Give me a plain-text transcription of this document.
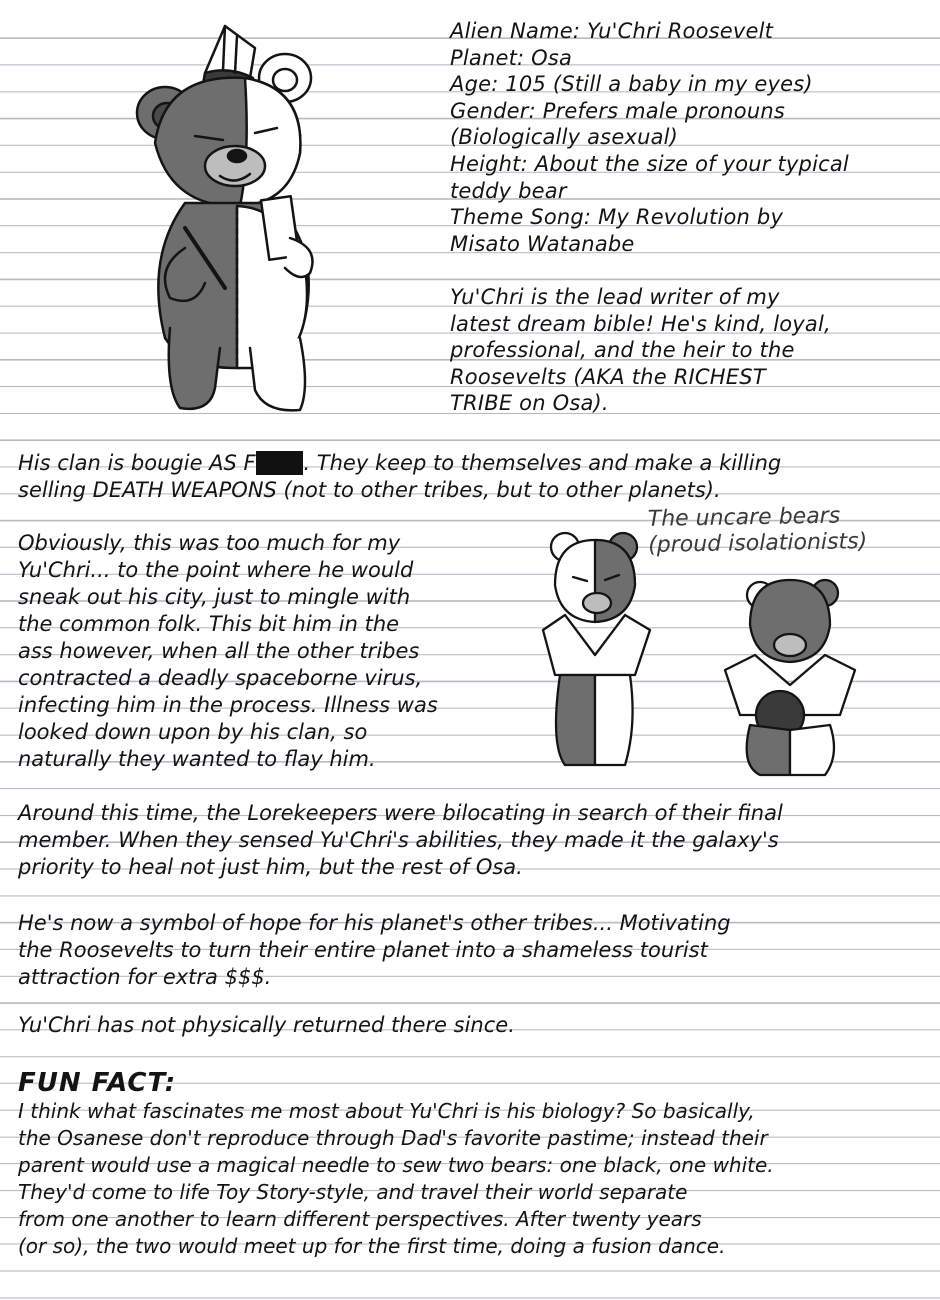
Alien Name: Yu'Chri Roosevelt
Planet: Osa
Age: 105 (Still a baby in my eyes)
Gender: Prefers male pronouns
(Biologically asexual)
Height: About the size of your typical
teddy bear
Theme Song: My Revolution by
Misato Watanabe
Yu'Chri is the lead writer of my
latest dream bible! He's kind, loyal,
professional, and the heir to the
Roosevelts (AKA the RICHEST
TRIBE on Osa).
His clan is bougie AS FUCK. They keep to themselves and make a killing
selling DEATH WEAPONS (not to other tribes, but to other planets).
The uncare bears
(proud isolationists)
Obviously, this was too much for my
Yu'Chri... to the point where he would
sneak out his city, just to mingle with
the common folk. This bit him in the
ass however, when all the other tribes
contracted a deadly spaceborne virus,
infecting him in the process. Illness was
looked down upon by his clan, so
naturally they wanted to flay him.
Around this time, the Lorekeepers were bilocating in search of their final
member. When they sensed Yu'Chri's abilities, they made it the galaxy's
priority to heal not just him, but the rest of Osa.
He's now a symbol of hope for his planet's other tribes... Motivating
the Roosevelts to turn their entire planet into a shameless tourist
attraction for extra $$$.
Yu'Chri has not physically returned there since.
FUN FACT:
I think what fascinates me most about Yu'Chri is his biology? So basically,
the Osanese don't reproduce through Dad's favorite pastime; instead their
parent would use a magical needle to sew two bears: one black, one white.
They'd come to life Toy Story-style, and travel their world separate
from one another to learn different perspectives. After twenty years
(or so), the two would meet up for the first time, doing a fusion dance.
